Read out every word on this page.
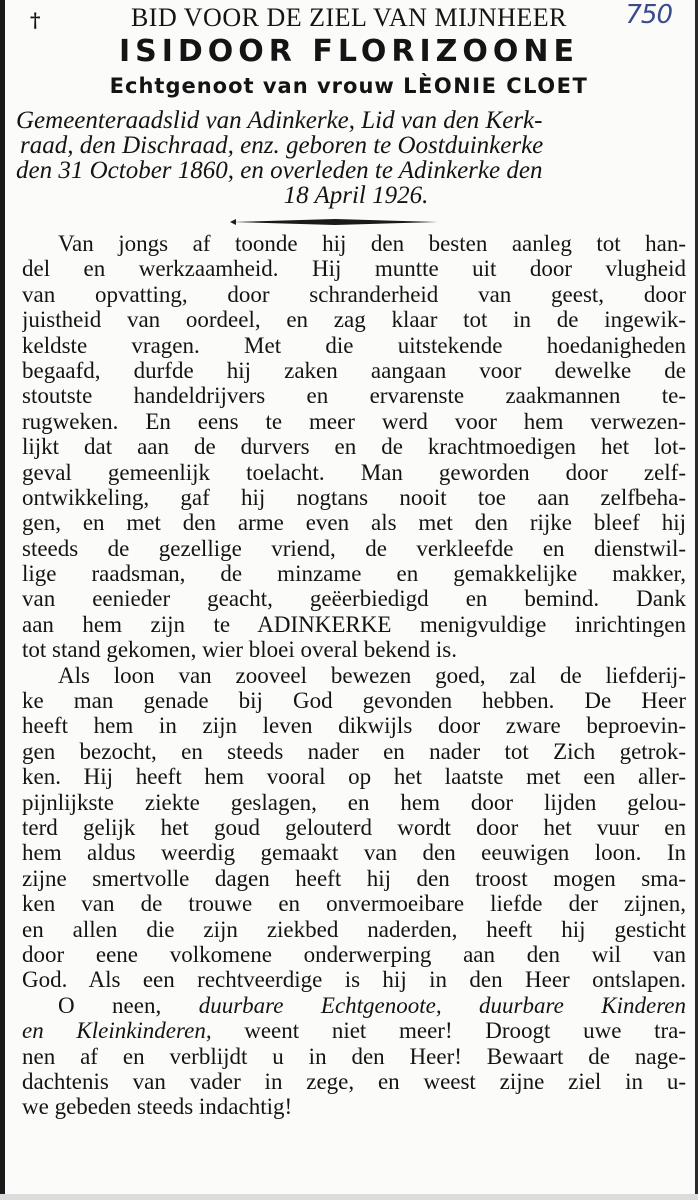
BID VOOR DE ZIEL VAN MIJNHEER
†	750
ISIDOOR FLORIZOONE
Echtgenoot van vrouw LÈONIE CLOET
Gemeenteraadslid van Adinkerke, Lid van den Kerk-
raad, den Dischraad, enz. geboren te Oostduinkerke
den 31 October 1860, en overleden te Adinkerke den
18 April 1926.
Van jongs af toonde hij den besten aanleg tot han-
del en werkzaamheid. Hij muntte uit door vlugheid
van opvatting, door schranderheid van geest, door
juistheid van oordeel, en zag klaar tot in de ingewik-
keldste vragen. Met die uitstekende hoedanigheden
begaafd, durfde hij zaken aangaan voor dewelke de
stoutste handeldrijvers en ervarenste zaakmannen te-
rugweken. En eens te meer werd voor hem verwezen-
lijkt dat aan de durvers en de krachtmoedigen het lot-
geval gemeenlijk toelacht. Man geworden door zelf-
ontwikkeling, gaf hij nogtans nooit toe aan zelfbeha-
gen, en met den arme even als met den rijke bleef hij
steeds de gezellige vriend, de verkleefde en dienstwil-
lige raadsman, de minzame en gemakkelijke makker,
van eenieder geacht, geëerbiedigd en bemind. Dank
aan hem zijn te ADINKERKE menigvuldige inrichtingen
tot stand gekomen, wier bloei overal bekend is.
Als loon van zooveel bewezen goed, zal de liefderij-
ke man genade bij God gevonden hebben. De Heer
heeft hem in zijn leven dikwijls door zware beproevin-
gen bezocht, en steeds nader en nader tot Zich getrok-
ken. Hij heeft hem vooral op het laatste met een aller-
pijnlijkste ziekte geslagen, en hem door lijden gelou-
terd gelijk het goud gelouterd wordt door het vuur en
hem aldus weerdig gemaakt van den eeuwigen loon. In
zijne smertvolle dagen heeft hij den troost mogen sma-
ken van de trouwe en onvermoeibare liefde der zijnen,
en allen die zijn ziekbed naderden, heeft hij gesticht
door eene volkomene onderwerping aan den wil van
God. Als een rechtveerdige is hij in den Heer ontslapen.
O neen, duurbare Echtgenoote, duurbare Kinderen
en Kleinkinderen, weent niet meer! Droogt uwe tra-
nen af en verblijdt u in den Heer! Bewaart de nage-
dachtenis van vader in zege, en weest zijne ziel in u-
we gebeden steeds indachtig!
